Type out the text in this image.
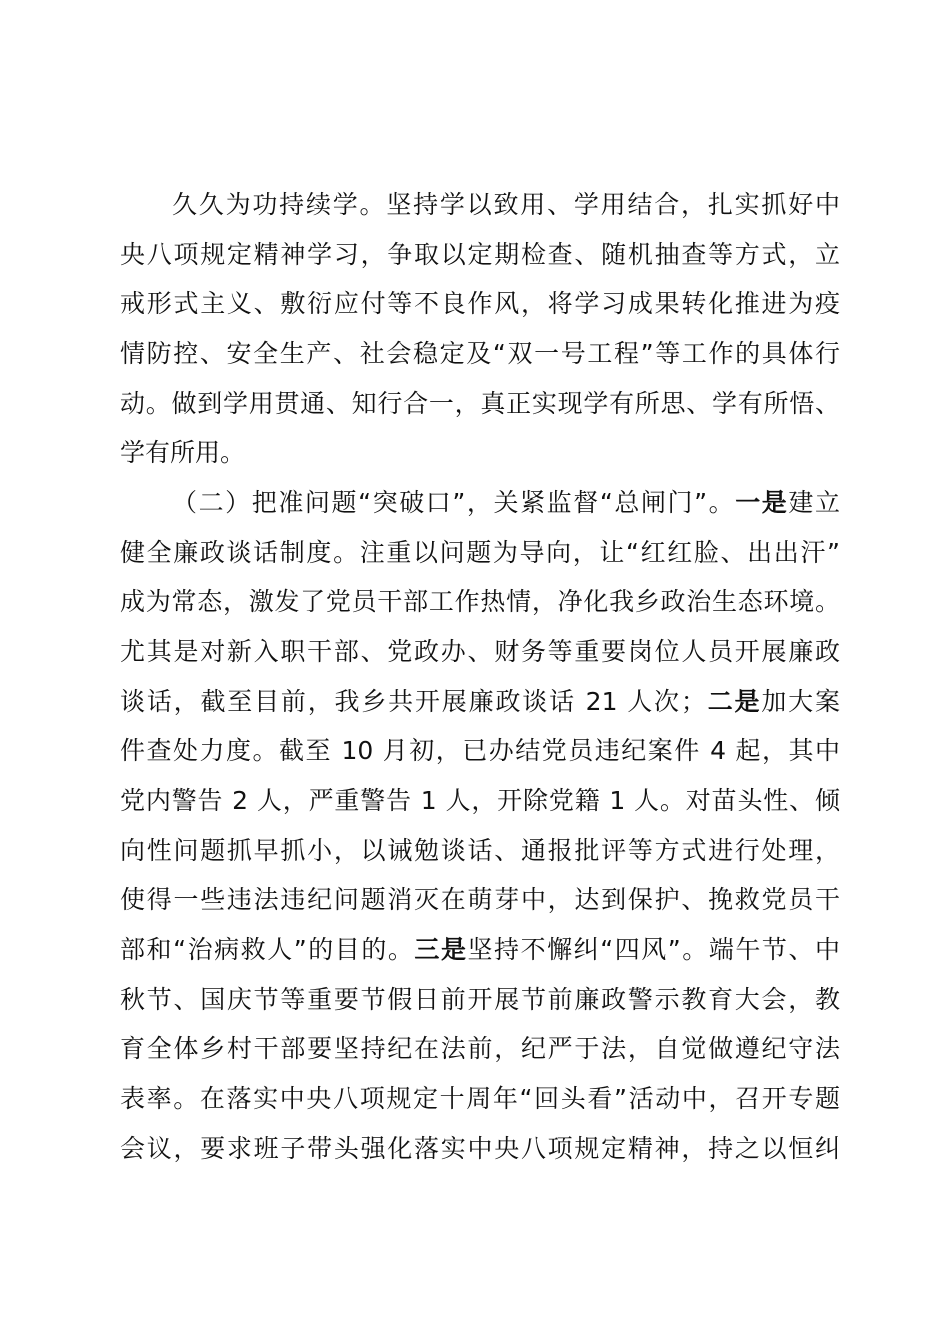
久久为功持续学。坚持学以致用、学用结合，扎实抓好中
央八项规定精神学习，争取以定期检查、随机抽查等方式，立
戒形式主义、敷衍应付等不良作风，将学习成果转化推进为疫
情防控、安全生产、社会稳定及“双一号工程”等工作的具体行
动。做到学用贯通、知行合一，真正实现学有所思、学有所悟、
学有所用。
（二）把准问题“突破口”，关紧监督“总闸门”。一是建立
健全廉政谈话制度。注重以问题为导向，让“红红脸、出出汗”
成为常态，激发了党员干部工作热情，净化我乡政治生态环境。
尤其是对新入职干部、党政办、财务等重要岗位人员开展廉政
谈话，截至目前，我乡共开展廉政谈话 21 人次；二是加大案
件查处力度。截至 10 月初，已办结党员违纪案件 4 起，其中
党内警告 2 人，严重警告 1 人，开除党籍 1 人。对苗头性、倾
向性问题抓早抓小，以诫勉谈话、通报批评等方式进行处理，
使得一些违法违纪问题消灭在萌芽中，达到保护、挽救党员干
部和“治病救人”的目的。三是坚持不懈纠“四风”。端午节、中
秋节、国庆节等重要节假日前开展节前廉政警示教育大会，教
育全体乡村干部要坚持纪在法前，纪严于法，自觉做遵纪守法
表率。在落实中央八项规定十周年“回头看”活动中，召开专题
会议，要求班子带头强化落实中央八项规定精神，持之以恒纠
